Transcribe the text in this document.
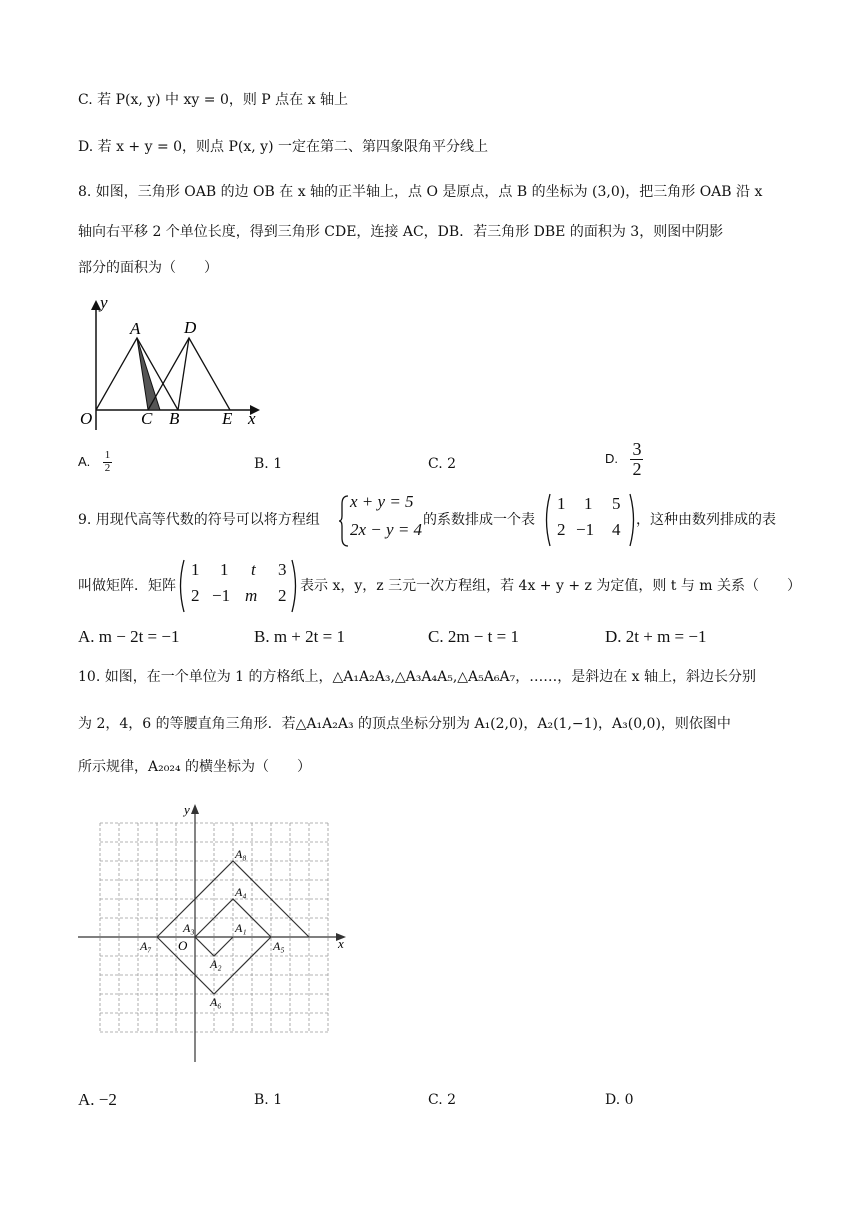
C. 若 P(x, y) 中 xy = 0，则 P 点在 x 轴上
D. 若 x + y = 0，则点 P(x, y) 一定在第二、第四象限角平分线上
8. 如图，三角形 OAB 的边 OB 在 x 轴的正半轴上，点 O 是原点，点 B 的坐标为 (3,0)，把三角形 OAB 沿 x
轴向右平移 2 个单位长度，得到三角形 CDE，连接 AC，DB．若三角形 DBE 的面积为 3，则图中阴影
部分的面积为（　　）
y
x
O
A	D
C B	E
A. $\frac{1}{2}$	B. 1	C. 2	D. $\frac{3}{2}$
9. 用现代高等代数的符号可以将方程组
x + y = 5
2x − y = 4 的系数排成一个表
1 1 5
2 −1 4 ，这种由数列排成的表
叫做矩阵．矩阵
1 1 t 3
2 −1 m 2 表示 x，y，z 三元一次方程组，若 4x + y + z 为定值，则 t 与 m 关系（　　）
A. m − 2t = −1	B. m + 2t = 1	C. 2m − t = 1	D. 2t + m = −1
10. 如图，在一个单位为 1 的方格纸上，△A₁A₂A₃,△A₃A₄A₅,△A₅A₆A₇，……，是斜边在 x 轴上，斜边长分别
为 2，4，6 的等腰直角三角形．若△A₁A₂A₃ 的顶点坐标分别为 A₁(2,0)，A₂(1,−1)，A₃(0,0)，则依图中
所示规律，A₂₀₂₄ 的横坐标为（　　）
y
x
O
A₁
A₂
A₃
A₄
A₅
A₆
A₇
A₈
A. −2	B. 1	C. 2	D. 0
